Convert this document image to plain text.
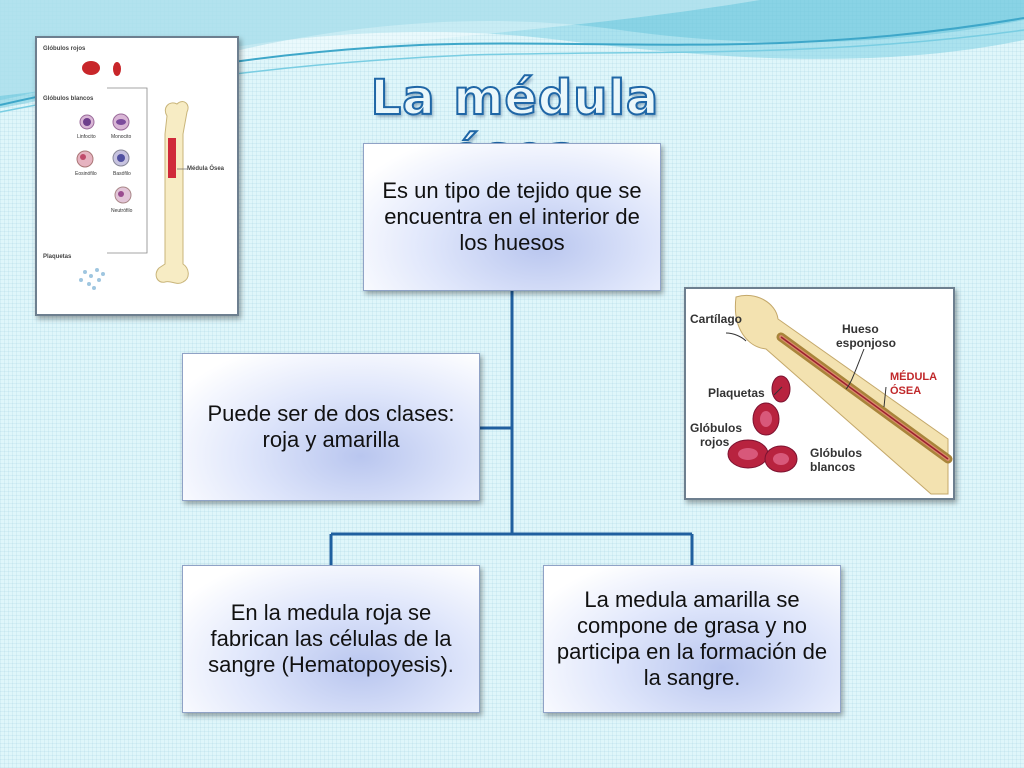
La médula
Es un tipo de tejido que se encuentra en el interior de los huesos
Puede ser de dos clases: roja y amarilla
En la medula roja se fabrican las células de la sangre (Hematopoyesis).
La medula amarilla se compone de grasa y no participa en la formación de la sangre.
Glóbulos rojos
Glóbulos blancos
Linfocito	Monocito
Eosinófilo	Basófilo
Neutrófilo
Médula Ósea
Plaquetas
Cartílago
Hueso
esponjoso
MÉDULA
ÓSEA
Plaquetas
Glóbulos
rojos
Glóbulos
blancos
